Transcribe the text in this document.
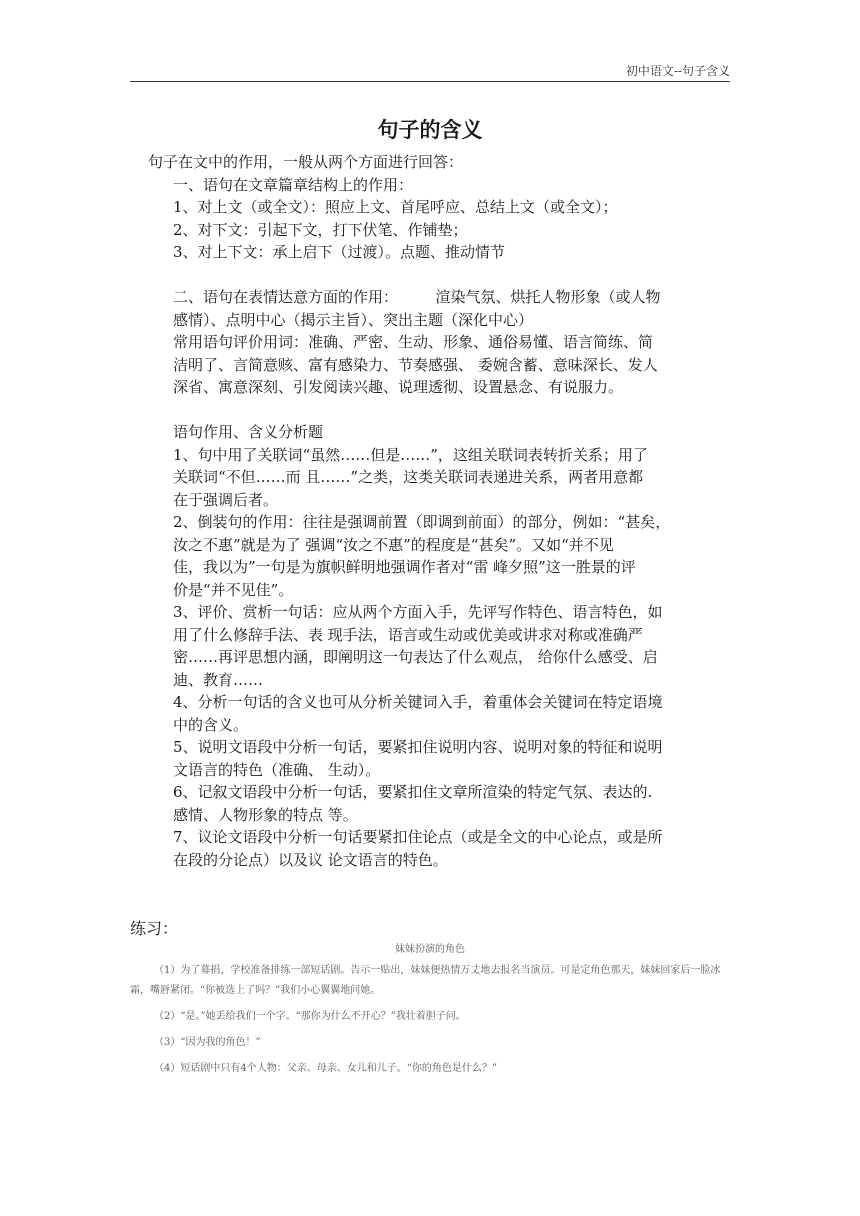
初中语文--句子含义
句子的含义
句子在文中的作用，一般从两个方面进行回答：
一、语句在文章篇章结构上的作用：
1、对上文（或全文）：照应上文、首尾呼应、总结上文（或全文）；
2、对下文：引起下文，打下伏笔、作铺垫；
3、对上下文：承上启下（过渡）。点题、推动情节
二、语句在表情达意方面的作用：　　　渲染气氛、烘托人物形象（或人物
感情）、点明中心（揭示主旨）、突出主题（深化中心）
常用语句评价用词：准确、严密、生动、形象、通俗易懂、语言简练、简
洁明了、言简意赅、富有感染力、节奏感强、 委婉含蓄、意味深长、发人
深省、寓意深刻、引发阅读兴趣、说理透彻、设置悬念、有说服力。
语句作用、含义分析题
1、句中用了关联词“虽然……但是……”，这组关联词表转折关系；用了
关联词“不但……而 且……”之类，这类关联词表递进关系，两者用意都
在于强调后者。
2、倒装句的作用：往往是强调前置（即调到前面）的部分，例如：“甚矣，
汝之不惠”就是为了 强调“汝之不惠”的程度是“甚矣”。又如“并不见
佳，我以为”一句是为旗帜鲜明地强调作者对“雷 峰夕照”这一胜景的评
价是“并不见佳”。
3、评价、赏析一句话：应从两个方面入手，先评写作特色、语言特色，如
用了什么修辞手法、表 现手法，语言或生动或优美或讲求对称或准确严
密……再评思想内涵，即阐明这一句表达了什么观点， 给你什么感受、启
迪、教育……
4、分析一句话的含义也可从分析关键词入手，着重体会关键词在特定语境
中的含义。
5、说明文语段中分析一句话，要紧扣住说明内容、说明对象的特征和说明
文语言的特色（准确、 生动）。
6、记叙文语段中分析一句话，要紧扣住文章所渲染的特定气氛、表达的.
感情、人物形象的特点 等。
7、议论文语段中分析一句话要紧扣住论点（或是全文的中心论点，或是所
在段的分论点）以及议 论文语言的特色。
练习：
妹妹扮演的角色

（1）为了募捐，学校准备排练一部短话剧。告示一贴出，妹妹便热情万丈地去报名当演员。可是定角色那天，妹妹回家后一脸冰霜，嘴唇紧闭。“你被选上了吗？”我们小心翼翼地问她。

（2）“是。”她丢给我们一个字。“那你为什么不开心？”我壮着胆子问。

（3）“因为我的角色！”

（4）短话剧中只有4个人物：父亲、母亲、女儿和儿子。“你的角色是什么？”
